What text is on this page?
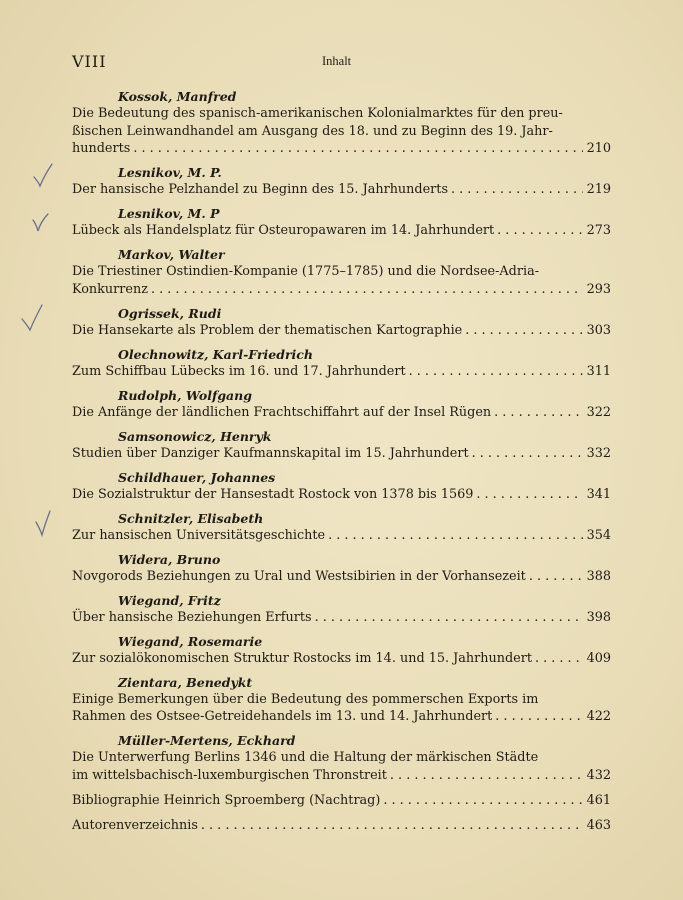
VIII	Inhalt
Kossok, Manfred
Die Bedeutung des spanisch-amerikanischen Kolonialmarktes für den preu-
ßischen Leinwandhandel am Ausgang des 18. und zu Beginn des 19. Jahr-
hunderts . . .	210
Lesnikov, M. P.
Der hansische Pelzhandel zu Beginn des 15. Jahrhunderts . . .	219
Lesnikov, M. P
Lübeck als Handelsplatz für Osteuropawaren im 14. Jahrhundert . . .	273
Markov, Walter
Die Triestiner Ostindien-Kompanie (1775–1785) und die Nordsee-Adria-
Konkurrenz . . .	293
Ogrissek, Rudi
Die Hansekarte als Problem der thematischen Kartographie . . .	303
Olechnowitz, Karl-Friedrich
Zum Schiffbau Lübecks im 16. und 17. Jahrhundert . . .	311
Rudolph, Wolfgang
Die Anfänge der ländlichen Frachtschiffahrt auf der Insel Rügen . . .	322
Samsonowicz, Henryk
Studien über Danziger Kaufmannskapital im 15. Jahrhundert . . .	332
Schildhauer, Johannes
Die Sozialstruktur der Hansestadt Rostock von 1378 bis 1569 . . .	341
Schnitzler, Elisabeth
Zur hansischen Universitätsgeschichte . . .	354
Widera, Bruno
Novgorods Beziehungen zu Ural und Westsibirien in der Vorhansezeit . . .	388
Wiegand, Fritz
Über hansische Beziehungen Erfurts . . .	398
Wiegand, Rosemarie
Zur sozialökonomischen Struktur Rostocks im 14. und 15. Jahrhundert . . .	409
Zientara, Benedykt
Einige Bemerkungen über die Bedeutung des pommerschen Exports im
Rahmen des Ostsee-Getreidehandels im 13. und 14. Jahrhundert . . .	422
Müller-Mertens, Eckhard
Die Unterwerfung Berlins 1346 und die Haltung der märkischen Städte
im wittelsbachisch-luxemburgischen Thronstreit . . .	432
Bibliographie Heinrich Sproemberg (Nachtrag) . . .	461
Autorenverzeichnis . . .	463
